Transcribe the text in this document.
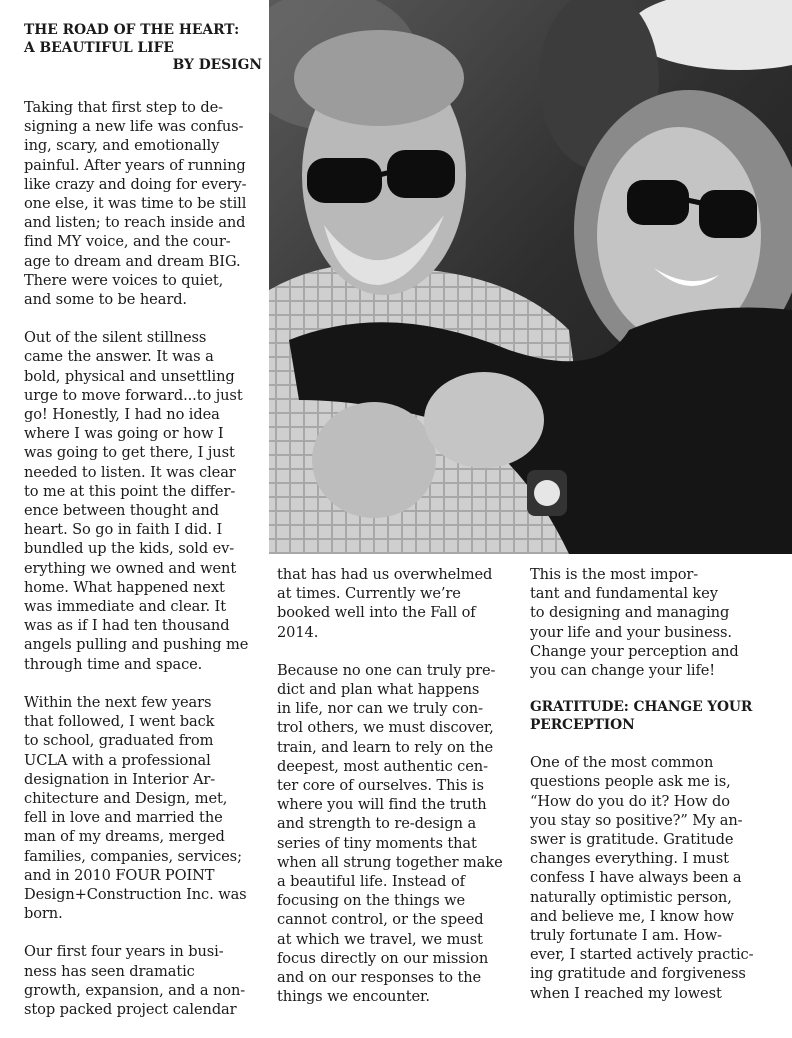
THE ROAD OF THE HEART:
A BEAUTIFUL LIFE
BY DESIGN

Taking that first step to de-
signing a new life was confus-
ing, scary, and emotionally
painful. After years of running
like crazy and doing for every-
one else, it was time to be still
and listen; to reach inside and
find MY voice, and the cour-
age to dream and dream BIG.
There were voices to quiet,
and some to be heard.

Out of the silent stillness
came the answer. It was a
bold, physical and unsettling
urge to move forward...to just
go! Honestly, I had no idea
where I was going or how I
was going to get there, I just
needed to listen. It was clear
to me at this point the differ-
ence between thought and
heart. So go in faith I did. I
bundled up the kids, sold ev-
erything we owned and went
home. What happened next
was immediate and clear. It
was as if I had ten thousand
angels pulling and pushing me
through time and space.

Within the next few years
that followed, I went back
to school, graduated from
UCLA with a professional
designation in Interior Ar-
chitecture and Design, met,
fell in love and married the
man of my dreams, merged
families, companies, services;
and in 2010 FOUR POINT
Design+Construction Inc. was
born.

Our first four years in busi-
ness has seen dramatic
growth, expansion, and a non-
stop packed project calendar

that has had us overwhelmed
at times. Currently we’re
booked well into the Fall of
2014.

Because no one can truly pre-
dict and plan what happens
in life, nor can we truly con-
trol others, we must discover,
train, and learn to rely on the
deepest, most authentic cen-
ter core of ourselves. This is
where you will find the truth
and strength to re-design a
series of tiny moments that
when all strung together make
a beautiful life. Instead of
focusing on the things we
cannot control, or the speed
at which we travel, we must
focus directly on our mission
and on our responses to the
things we encounter.

This is the most impor-
tant and fundamental key
to designing and managing
your life and your business.
Change your perception and
you can change your life!

GRATITUDE: CHANGE YOUR
PERCEPTION

One of the most common
questions people ask me is,
“How do you do it? How do
you stay so positive?” My an-
swer is gratitude. Gratitude
changes everything. I must
confess I have always been a
naturally optimistic person,
and believe me, I know how
truly fortunate I am. How-
ever, I started actively practic-
ing gratitude and forgiveness
when I reached my lowest
